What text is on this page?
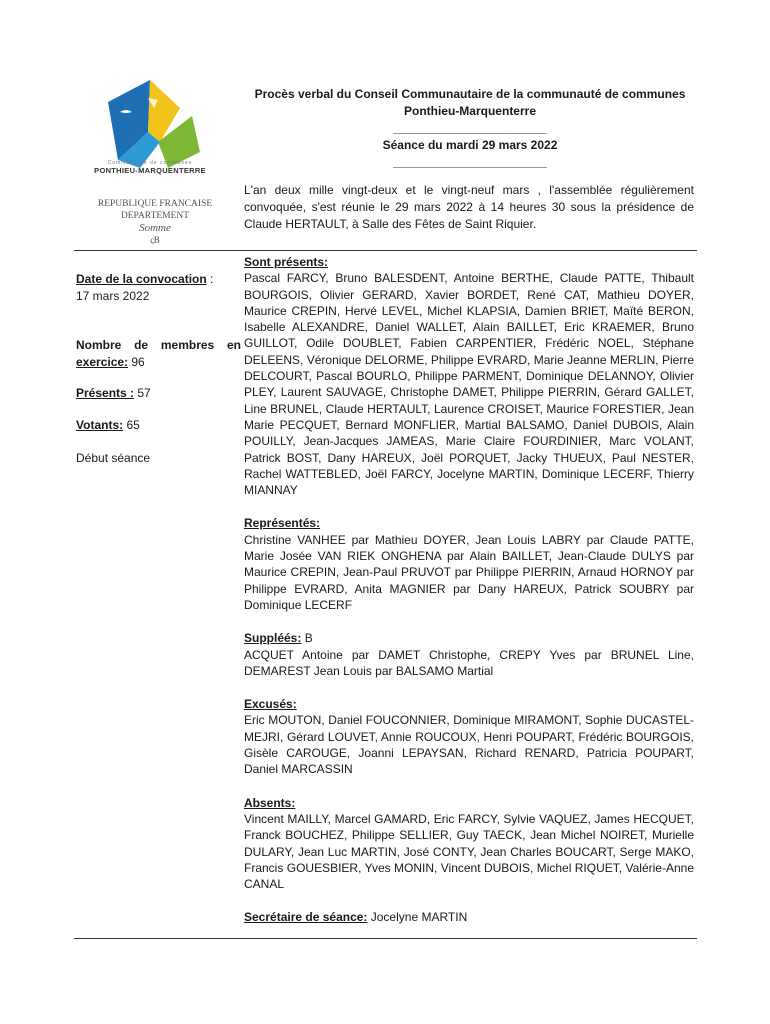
Communauté de communes
PONTHIEU-MARQUENTERRE
REPUBLIQUE FRANCAISE
DEPARTEMENT
Somme
ςΒ
Procès verbal du Conseil Communautaire de la communauté de communes
Ponthieu-Marquenterre
_______________________
Séance du mardi 29 mars 2022
_______________________
L'an deux mille vingt-deux et le vingt-neuf mars , l'assemblée régulièrement convoquée, s'est réunie le 29 mars 2022 à 14 heures 30 sous la présidence de Claude HERTAULT, à Salle des Fêtes de Saint Riquier.
Date de la convocation :
17 mars 2022
Nombre de membres en
exercice: 96
Présents : 57
Votants: 65
Début séance

Sont présents:

Pascal FARCY, Bruno BALESDENT, Antoine BERTHE, Claude PATTE, Thibault BOURGOIS, Olivier GERARD, Xavier BORDET, René CAT, Mathieu DOYER, Maurice CREPIN, Hervé LEVEL, Michel KLAPSIA, Damien BRIET, Maïté BERON, Isabelle ALEXANDRE, Daniel WALLET, Alain BAILLET, Eric KRAEMER, Bruno GUILLOT, Odile DOUBLET, Fabien CARPENTIER, Frédéric NOEL, Stéphane DELEENS, Véronique DELORME, Philippe EVRARD, Marie Jeanne MERLIN, Pierre DELCOURT, Pascal BOURLO, Philippe PARMENT, Dominique DELANNOY, Olivier PLEY, Laurent SAUVAGE, Christophe DAMET, Philippe PIERRIN, Gérard GALLET, Line BRUNEL, Claude HERTAULT, Laurence CROISET, Maurice FORESTIER, Jean Marie PECQUET, Bernard MONFLIER, Martial BALSAMO, Daniel DUBOIS, Alain POUILLY, Jean-Jacques JAMEAS, Marie Claire FOURDINIER, Marc VOLANT, Patrick BOST, Dany HAREUX, Joël PORQUET, Jacky THUEUX, Paul NESTER, Rachel WATTEBLED, Joël FARCY, Jocelyne MARTIN, Dominique LECERF, Thierry MIANNAY

Représentés:

Christine VANHEE par Mathieu DOYER, Jean Louis LABRY par Claude PATTE, Marie Josée VAN RIEK ONGHENA par Alain BAILLET, Jean-Claude DULYS par Maurice CREPIN, Jean-Paul PRUVOT par Philippe PIERRIN, Arnaud HORNOY par Philippe EVRARD, Anita MAGNIER par Dany HAREUX, Patrick SOUBRY par Dominique LECERF

Suppléés: B

ACQUET Antoine par DAMET Christophe, CREPY Yves par BRUNEL Line, DEMAREST Jean Louis par BALSAMO Martial

Excusés:

Eric MOUTON, Daniel FOUCONNIER, Dominique MIRAMONT, Sophie DUCASTEL-MEJRI, Gérard LOUVET, Annie ROUCOUX, Henri POUPART, Frédéric BOURGOIS, Gisèle CAROUGE, Joanni LEPAYSAN, Richard RENARD, Patricia POUPART, Daniel MARCASSIN

Absents:

Vincent MAILLY, Marcel GAMARD, Eric FARCY, Sylvie VAQUEZ, James HECQUET, Franck BOUCHEZ, Philippe SELLIER, Guy TAECK, Jean Michel NOIRET, Murielle DULARY, Jean Luc MARTIN, José CONTY, Jean Charles BOUCART, Serge MAKO, Francis GOUESBIER, Yves MONIN, Vincent DUBOIS, Michel RIQUET, Valérie-Anne CANAL

Secrétaire de séance: Jocelyne MARTIN
